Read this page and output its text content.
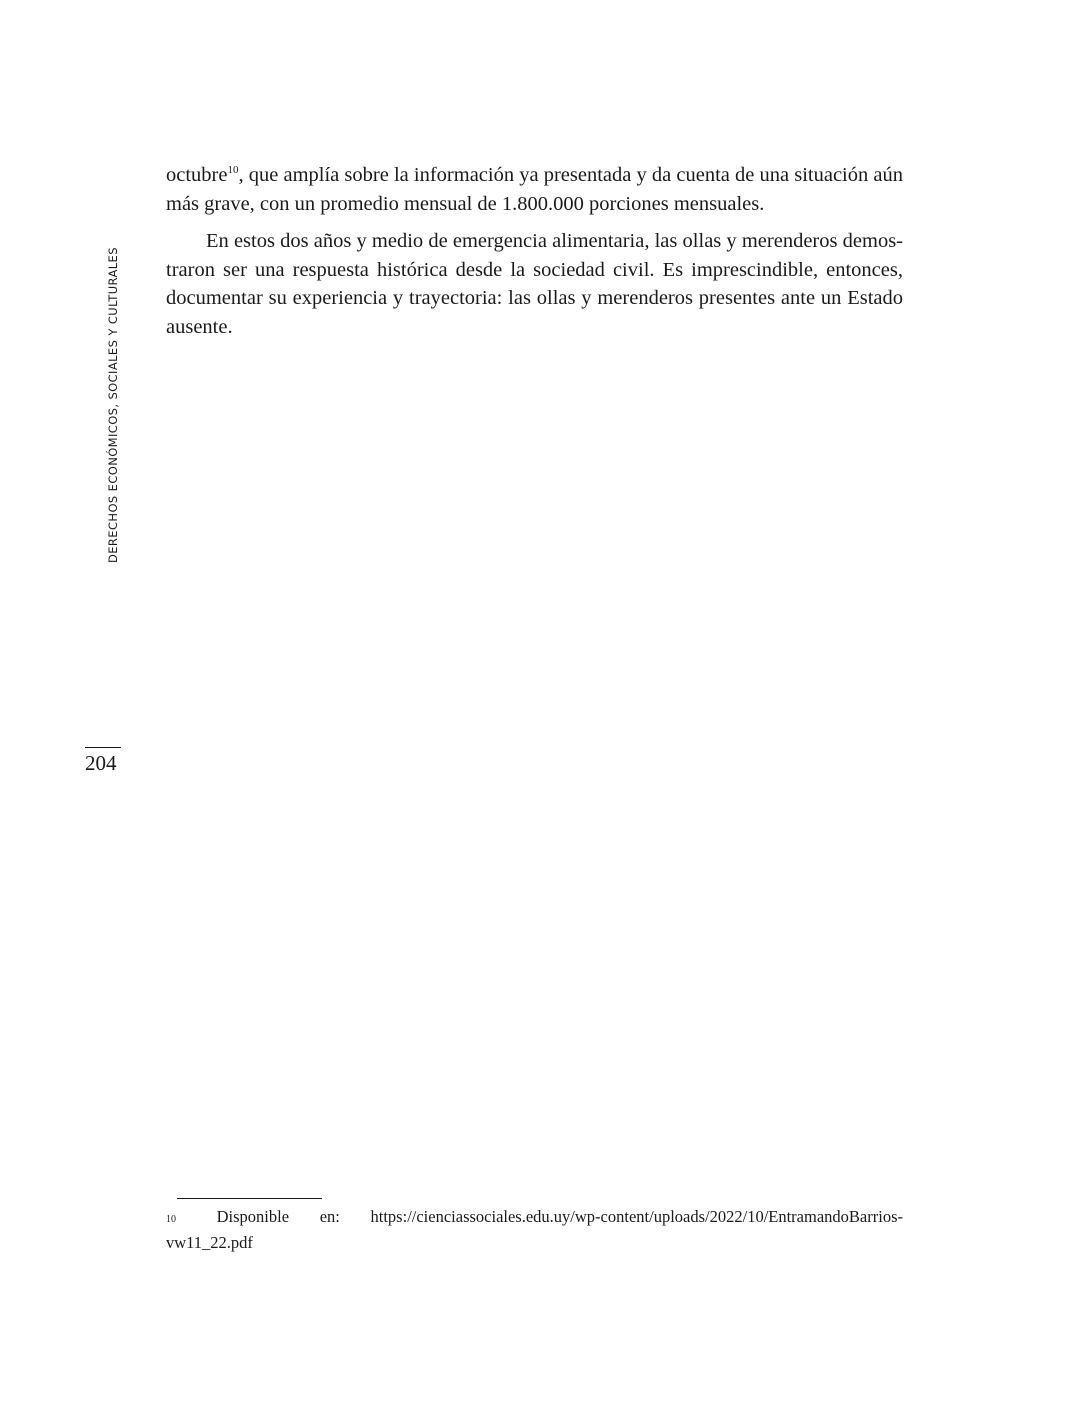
DERECHOS ECONÓMICOS, SOCIALES Y CULTURALES
204

octubre$^{10}$, que amplía sobre la información ya presentada y da cuenta de una situación aún más grave, con un promedio mensual de 1.800.000 porciones mensuales.

En estos dos años y medio de emergencia alimentaria, las ollas y merenderos demostraron ser una respuesta histórica desde la sociedad civil. Es imprescindible, entonces, documentar su experiencia y trayectoria: las ollas y merenderos presentes ante un Estado ausente.

10	Disponible en: https://cienciassociales.edu.uy/wp-content/uploads/2022/10/EntramandoBarrios-
vw11_22.pdf
